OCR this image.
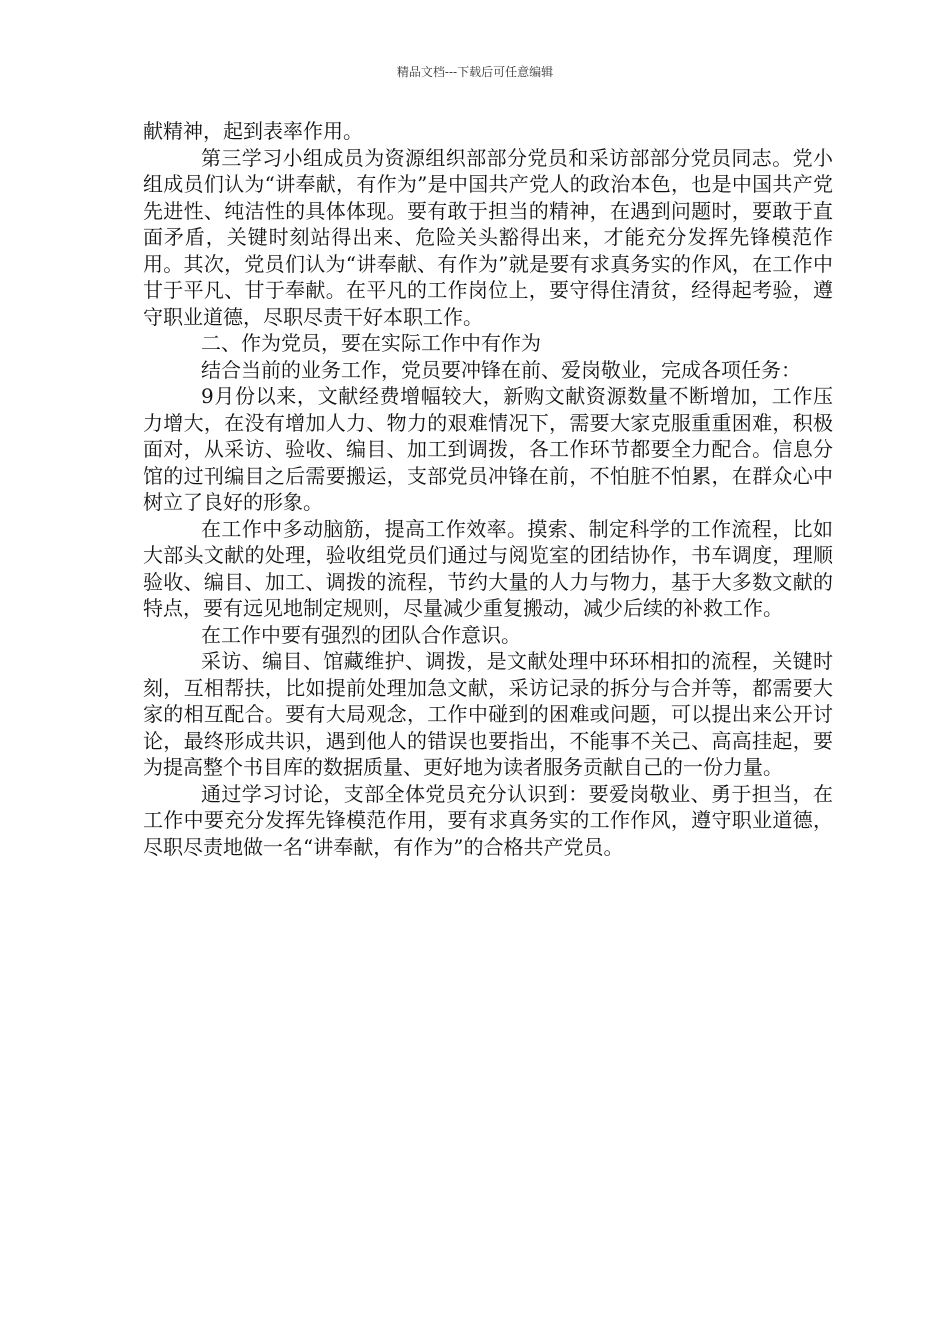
精品文档---下载后可任意编辑

献精神，起到表率作用。

第三学习小组成员为资源组织部部分党员和采访部部分党员同志。党小组成员们认为“讲奉献，有作为”是中国共产党人的政治本色，也是中国共产党先进性、纯洁性的具体体现。要有敢于担当的精神，在遇到问题时，要敢于直面矛盾，关键时刻站得出来、危险关头豁得出来，才能充分发挥先锋模范作用。其次，党员们认为“讲奉献、有作为”就是要有求真务实的作风，在工作中甘于平凡、甘于奉献。在平凡的工作岗位上，要守得住清贫，经得起考验，遵守职业道德，尽职尽责干好本职工作。

二、作为党员，要在实际工作中有作为

结合当前的业务工作，党员要冲锋在前、爱岗敬业，完成各项任务：

9月份以来，文献经费增幅较大，新购文献资源数量不断增加，工作压力增大，在没有增加人力、物力的艰难情况下，需要大家克服重重困难，积极面对，从采访、验收、编目、加工到调拨，各工作环节都要全力配合。信息分馆的过刊编目之后需要搬运，支部党员冲锋在前，不怕脏不怕累，在群众心中树立了良好的形象。

在工作中多动脑筋，提高工作效率。摸索、制定科学的工作流程，比如大部头文献的处理，验收组党员们通过与阅览室的团结协作，书车调度，理顺验收、编目、加工、调拨的流程，节约大量的人力与物力，基于大多数文献的特点，要有远见地制定规则，尽量减少重复搬动，减少后续的补救工作。

在工作中要有强烈的团队合作意识。

采访、编目、馆藏维护、调拨，是文献处理中环环相扣的流程，关键时刻，互相帮扶，比如提前处理加急文献，采访记录的拆分与合并等，都需要大家的相互配合。要有大局观念，工作中碰到的困难或问题，可以提出来公开讨论，最终形成共识，遇到他人的错误也要指出，不能事不关己、高高挂起，要为提高整个书目库的数据质量、更好地为读者服务贡献自己的一份力量。

通过学习讨论，支部全体党员充分认识到：要爱岗敬业、勇于担当，在工作中要充分发挥先锋模范作用，要有求真务实的工作作风，遵守职业道德，尽职尽责地做一名“讲奉献，有作为”的合格共产党员。
